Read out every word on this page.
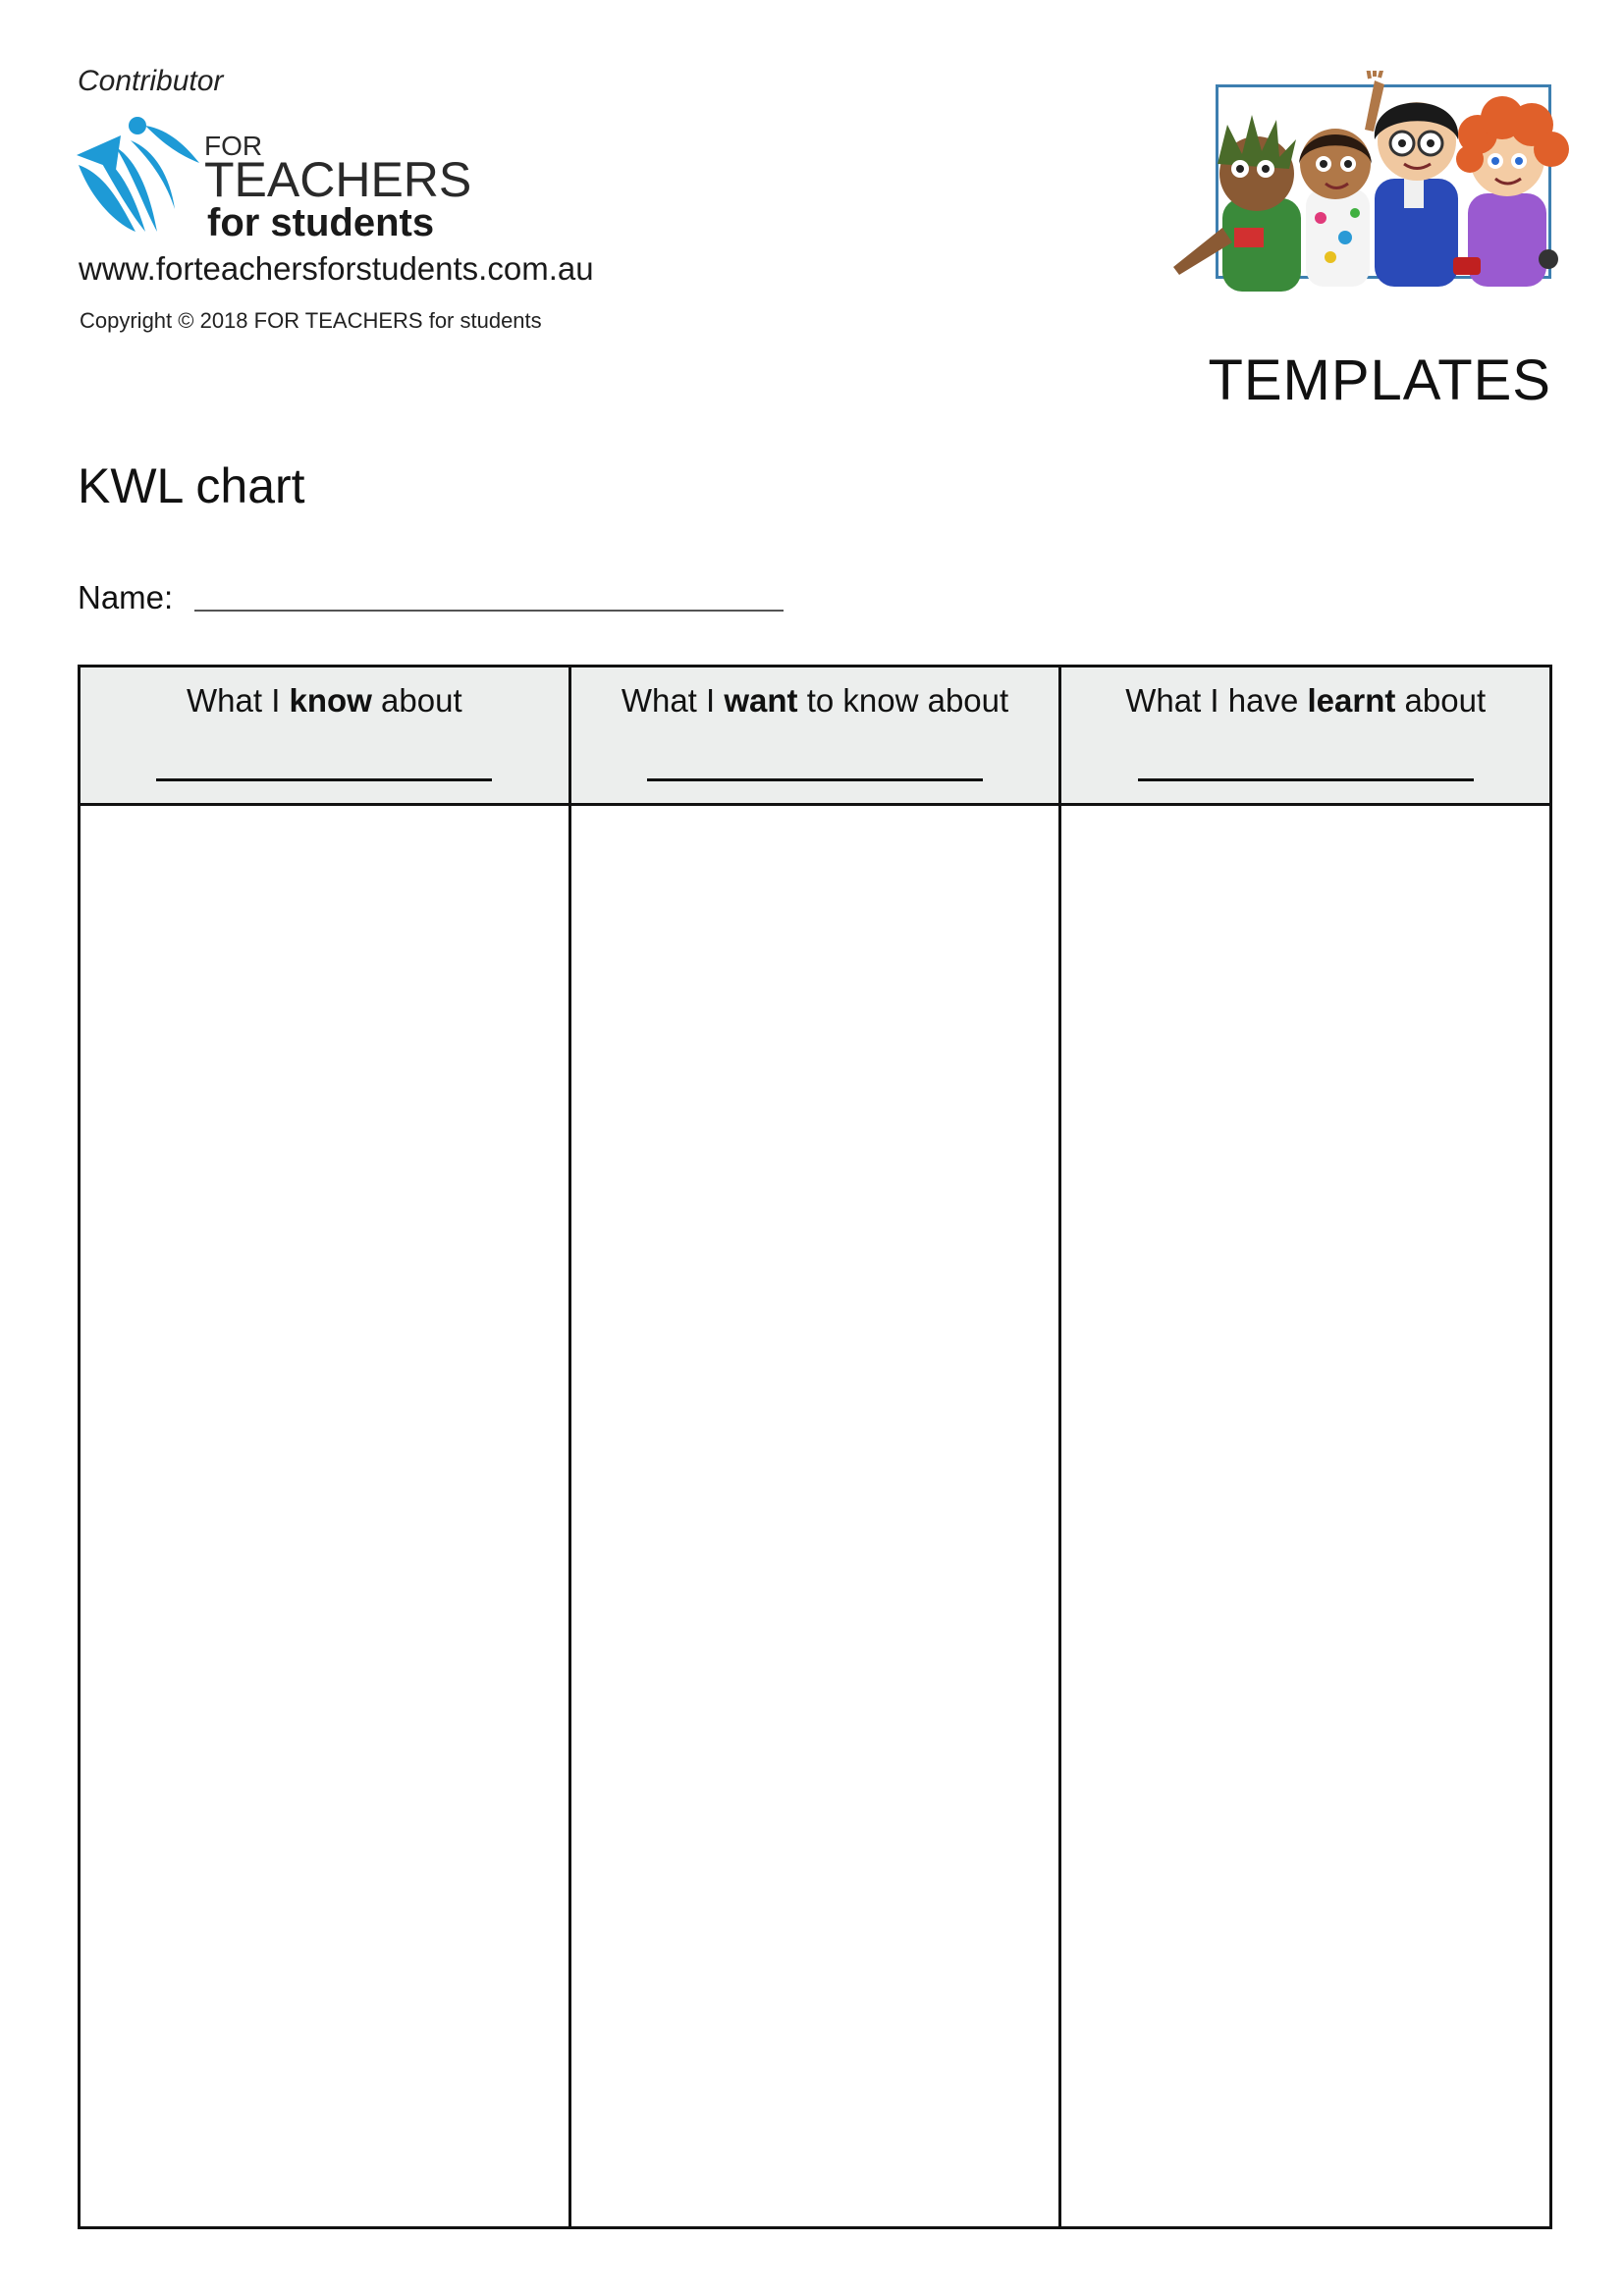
Contributor
FOR
TEACHERS
for students
www.forteachersforstudents.com.au
Copyright © 2018 FOR TEACHERS for students
TEMPLATES
KWL chart
Name:
What I know about	What I want to know about	What I have learnt about
